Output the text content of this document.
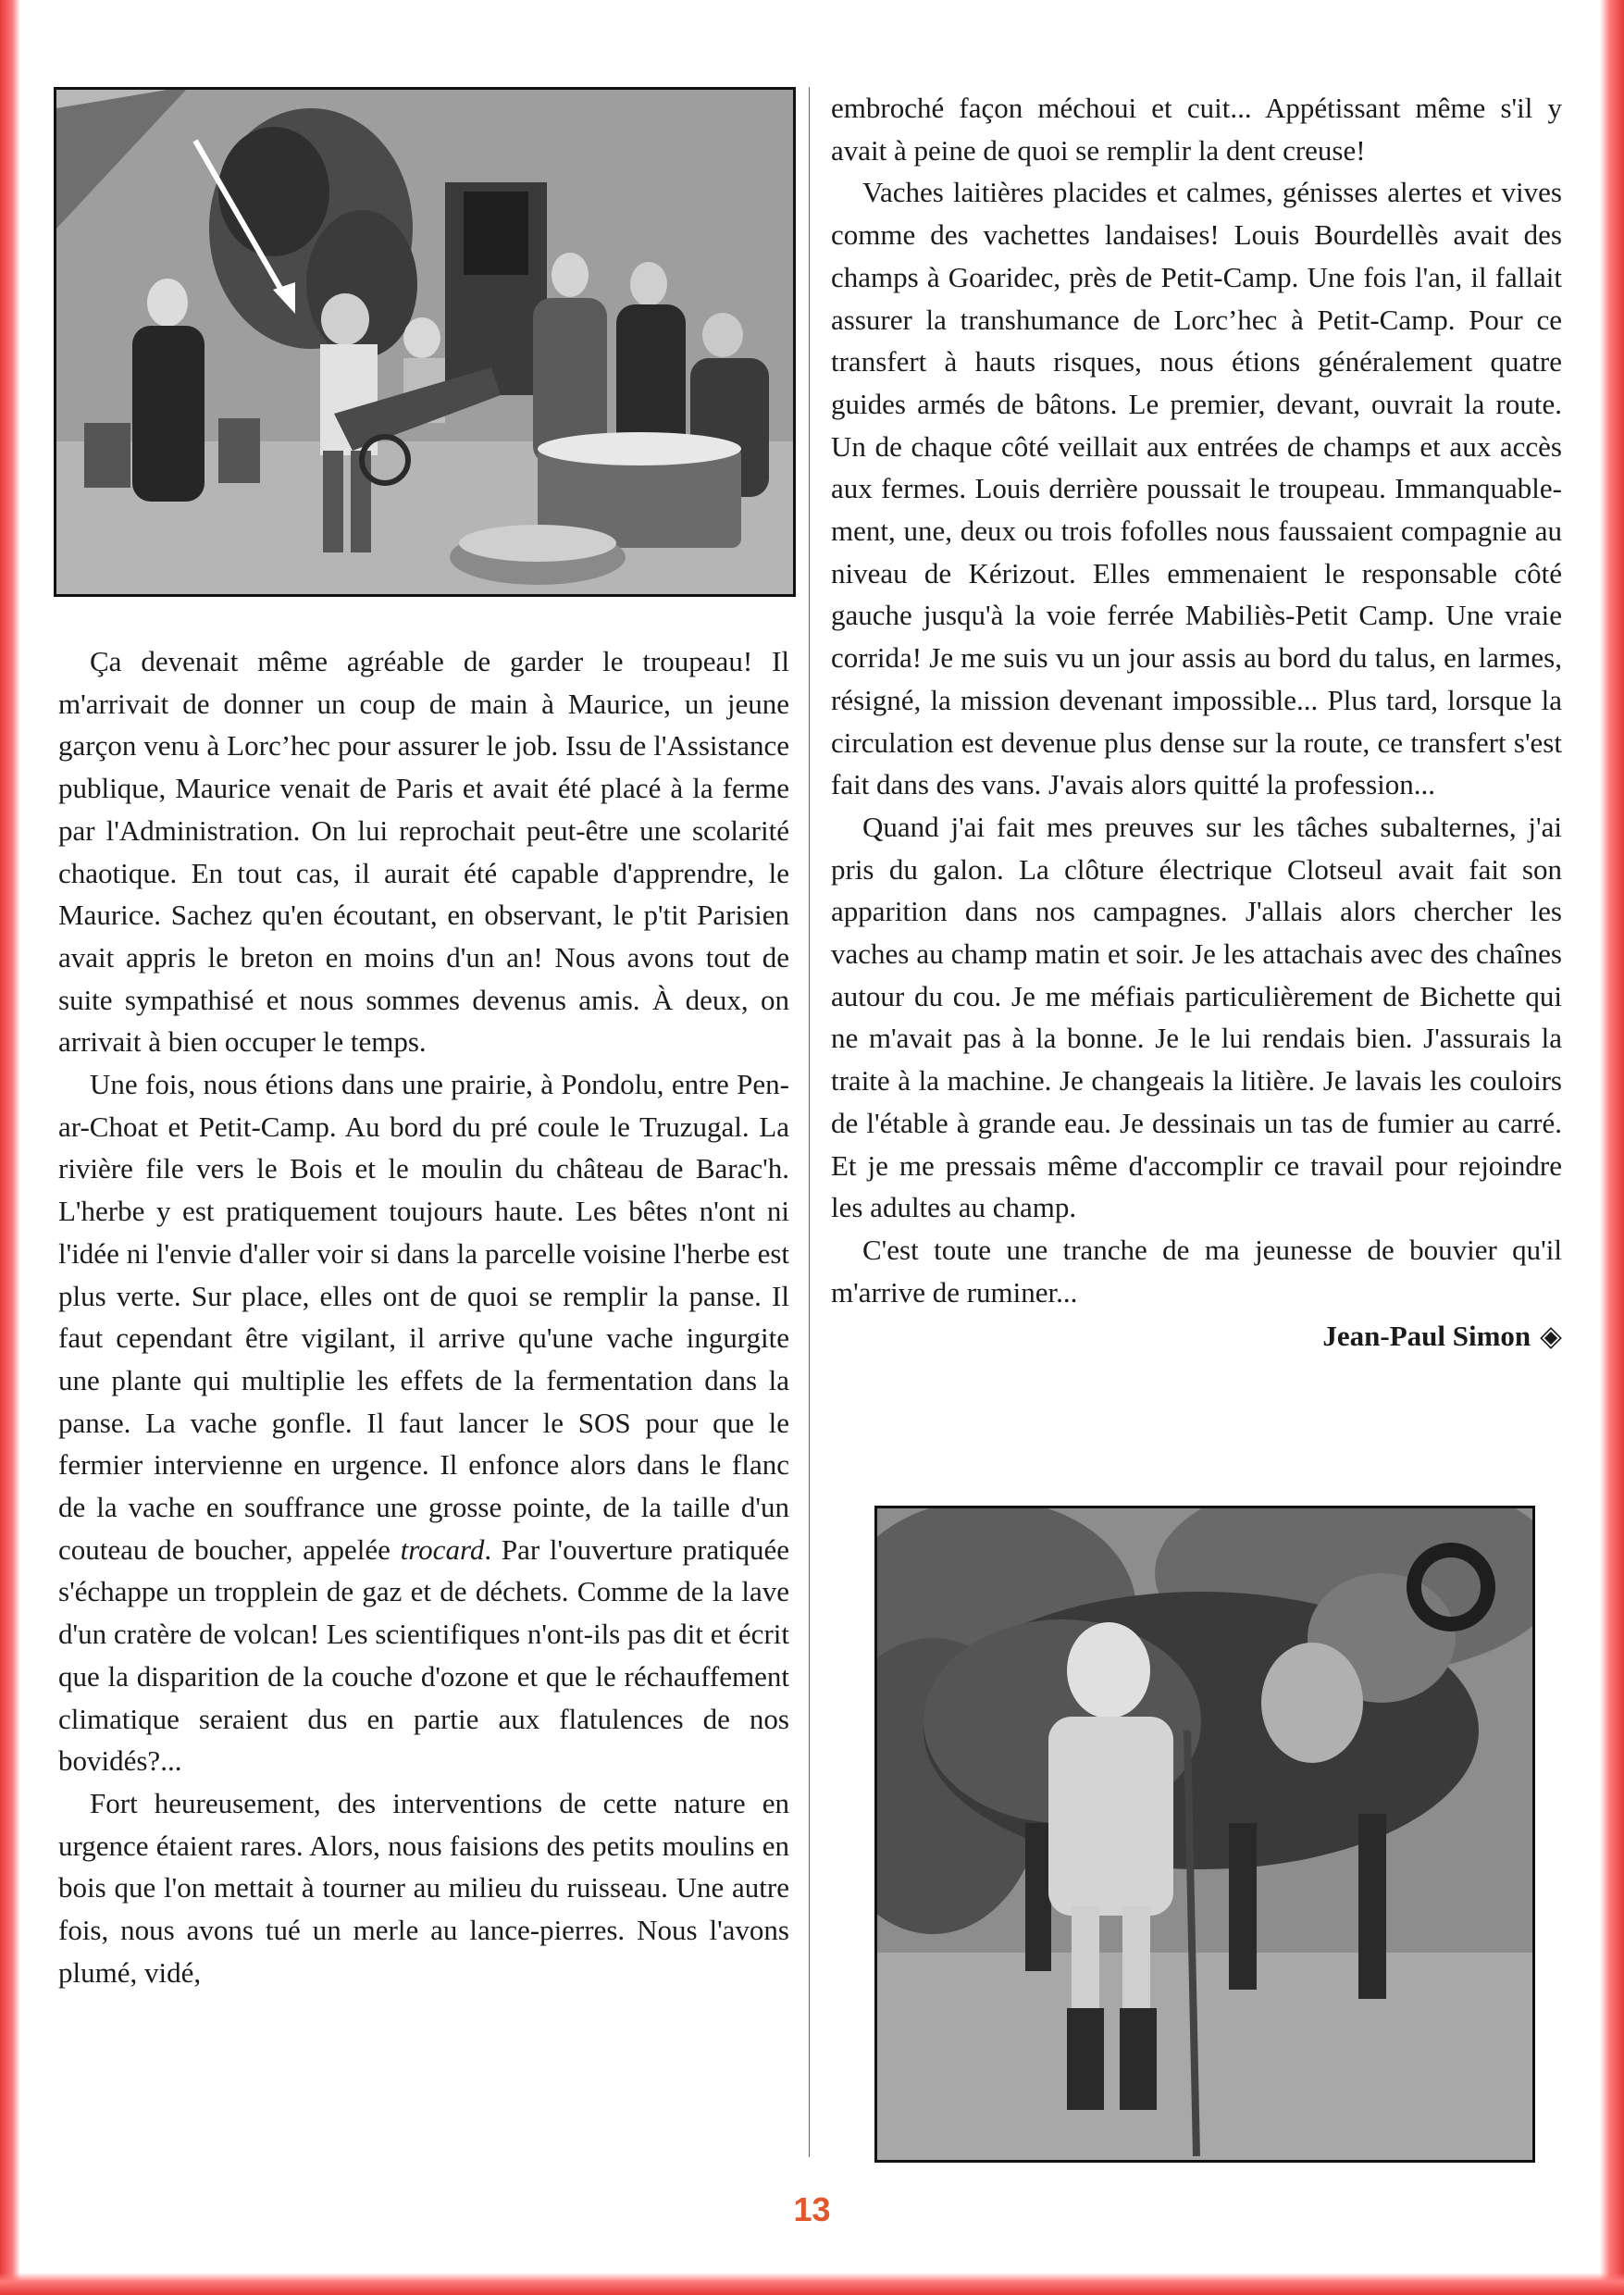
Ça devenait même agréable de garder le troupeau! Il m'arrivait de donner un coup de main à Maurice, un jeune garçon venu à Lorc’hec pour assurer le job. Issu de l'Assistance publique, Maurice venait de Paris et avait été placé à la ferme par l'Administration. On lui reprochait peut-être une scolarité chaotique. En tout cas, il aurait été capable d'apprendre, le Maurice. Sachez qu'en écoutant, en observant, le p'tit Parisien avait appris le breton en moins d'un an! Nous avons tout de suite sympathisé et nous sommes devenus amis. À deux, on arrivait à bien occuper le temps.

Une fois, nous étions dans une prairie, à Pondolu, entre Pen-ar-Choat et Petit-Camp. Au bord du pré coule le Truzugal. La rivière file vers le Bois et le moulin du château de Barac'h. L'herbe y est pratiquement toujours haute. Les bêtes n'ont ni l'idée ni l'envie d'aller voir si dans la parcelle voisine l'herbe est plus verte. Sur place, elles ont de quoi se remplir la panse. Il faut cependant être vigilant, il arrive qu'une vache ingurgite une plante qui multiplie les effets de la fermentation dans la panse. La vache gonfle. Il faut lancer le SOS pour que le fermier intervienne en urgence. Il enfonce alors dans le flanc de la vache en souffrance une grosse pointe, de la taille d'un couteau de boucher, appelée trocard. Par l'ouverture pratiquée s'échappe un tropplein de gaz et de déchets. Comme de la lave d'un cratère de volcan! Les scientifiques n'ont-ils pas dit et écrit que la disparition de la couche d'ozone et que le réchauffement climatique seraient dus en partie aux flatulences de nos bovidés?...

Fort heureusement, des interventions de cette nature en urgence étaient rares. Alors, nous faisions des petits moulins en bois que l'on mettait à tourner au milieu du ruisseau. Une autre fois, nous avons tué un merle au lance-pierres. Nous l'avons plumé, vidé,

embroché façon méchoui et cuit... Appétissant même s'il y avait à peine de quoi se remplir la dent creuse!

Vaches laitières placides et calmes, génisses alertes et vives comme des vachettes landaises! Louis Bourdellès avait des champs à Goaridec, près de Petit-Camp. Une fois l'an, il fallait assurer la transhumance de Lorc’hec à Petit-Camp. Pour ce transfert à hauts risques, nous étions généralement quatre guides armés de bâtons. Le premier, devant, ouvrait la route. Un de chaque côté veillait aux entrées de champs et aux accès aux fermes. Louis derrière poussait le troupeau. Immanquablement, une, deux ou trois fofolles nous faussaient compagnie au niveau de Kérizout. Elles emmenaient le responsable côté gauche jusqu'à la voie ferrée Mabiliès-Petit Camp. Une vraie corrida! Je me suis vu un jour assis au bord du talus, en larmes, résigné, la mission devenant impossible... Plus tard, lorsque la circulation est devenue plus dense sur la route, ce transfert s'est fait dans des vans. J'avais alors quitté la profession...

Quand j'ai fait mes preuves sur les tâches subalternes, j'ai pris du galon. La clôture électrique Clotseul avait fait son apparition dans nos campagnes. J'allais alors chercher les vaches au champ matin et soir. Je les attachais avec des chaînes autour du cou. Je me méfiais particulièrement de Bichette qui ne m'avait pas à la bonne. Je le lui rendais bien. J'assurais la traite à la machine. Je changeais la litière. Je lavais les couloirs de l'étable à grande eau. Je dessinais un tas de fumier au carré. Et je me pressais même d'accomplir ce travail pour rejoindre les adultes au champ.

C'est toute une tranche de ma jeunesse de bouvier qu'il m'arrive de ruminer...

Jean-Paul Simon ◈
13
